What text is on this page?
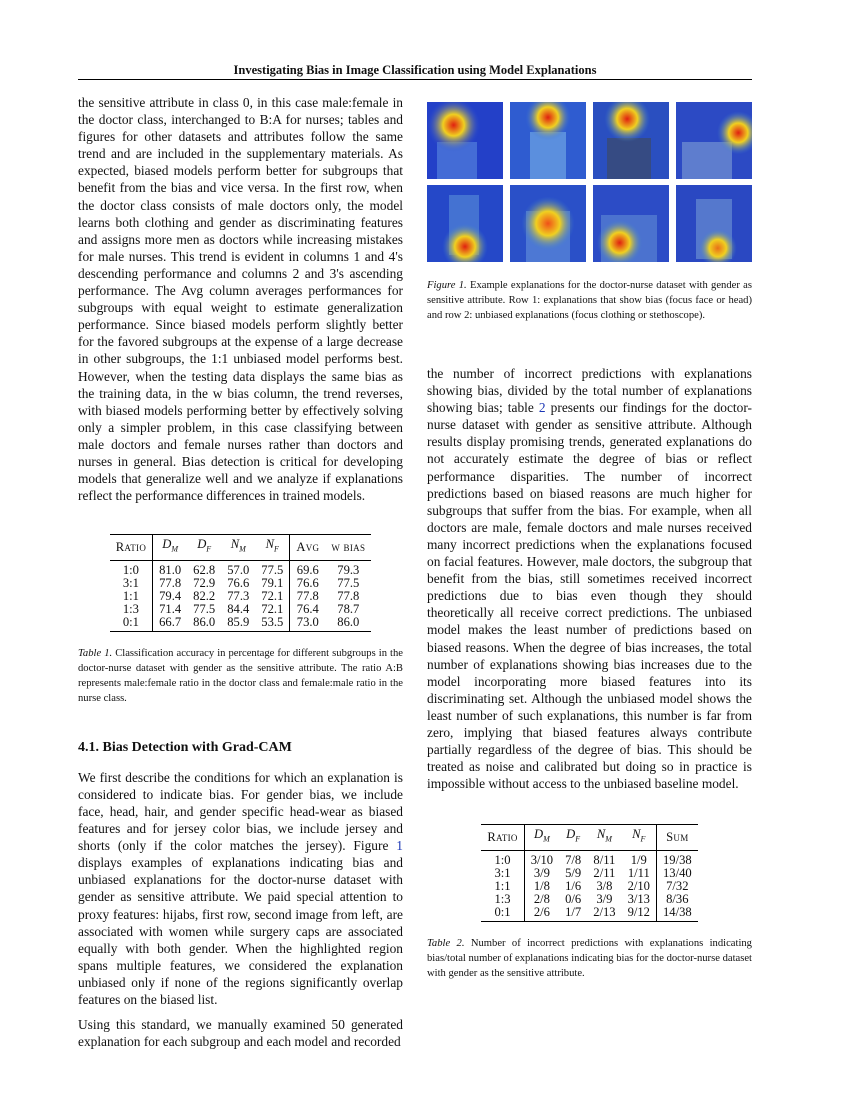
Investigating Bias in Image Classification using Model Explanations

the sensitive attribute in class 0, in this case male:female in the doctor class, interchanged to B:A for nurses; tables and figures for other datasets and attributes follow the same trend and are included in the supplementary materials. As expected, biased models perform better for subgroups that benefit from the bias and vice versa. In the first row, when the doctor class consists of male doctors only, the model learns both clothing and gender as discriminating features and assigns more men as doctors while increasing mistakes for male nurses. This trend is evident in columns 1 and 4's descending performance and columns 2 and 3's ascending performance. The Avg column averages performances for subgroups with equal weight to estimate generalization performance. Since biased models perform slightly better for the favored subgroups at the expense of a large decrease in other subgroups, the 1:1 unbiased model performs best. However, when the testing data displays the same bias as the training data, in the w bias column, the trend reverses, with biased models performing better by effectively solving only a simpler problem, in this case classifying between male doctors and female nurses rather than doctors and nurses in general. Bias detection is critical for developing models that generalize well and we analyze if explanations reflect the performance differences in trained models.

Ratio	$D_M$	$D_F$	$N_M$	$N_F$	Avg	w bias
1:0	81.0	62.8	57.0	77.5	69.6	79.3
3:1	77.8	72.9	76.6	79.1	76.6	77.5
1:1	79.4	82.2	77.3	72.1	77.8	77.8
1:3	71.4	77.5	84.4	72.1	76.4	78.7
0:1	66.7	86.0	85.9	53.5	73.0	86.0

Table 1. Classification accuracy in percentage for different subgroups in the doctor-nurse dataset with gender as the sensitive attribute. The ratio A:B represents male:female ratio in the doctor class and female:male ratio in the nurse class.

4.1. Bias Detection with Grad-CAM

We first describe the conditions for which an explanation is considered to indicate bias. For gender bias, we include face, head, hair, and gender specific head-wear as biased features and for jersey color bias, we include jersey and shorts (only if the color matches the jersey). Figure 1 displays examples of explanations indicating bias and unbiased explanations for the doctor-nurse dataset with gender as sensitive attribute. We paid special attention to proxy features: hijabs, first row, second image from left, are associated with women while surgery caps are associated equally with both gender. When the highlighted region spans multiple features, we considered the explanation unbiased only if none of the regions significantly overlap features on the biased list.

Using this standard, we manually examined 50 generated explanation for each subgroup and each model and recorded

Figure 1. Example explanations for the doctor-nurse dataset with gender as sensitive attribute. Row 1: explanations that show bias (focus face or head) and row 2: unbiased explanations (focus clothing or stethoscope).

the number of incorrect predictions with explanations showing bias, divided by the total number of explanations showing bias; table 2 presents our findings for the doctor-nurse dataset with gender as sensitive attribute. Although results display promising trends, generated explanations do not accurately estimate the degree of bias or reflect performance disparities. The number of incorrect predictions based on biased reasons are much higher for subgroups that suffer from the bias. For example, when all doctors are male, female doctors and male nurses received many incorrect predictions when the explanations focused on facial features. However, male doctors, the subgroup that benefit from the bias, still sometimes received incorrect predictions due to bias even though they should theoretically all receive correct predictions. The unbiased model makes the least number of predictions based on biased reasons. When the degree of bias increases, the total number of explanations showing bias increases due to the model incorporating more biased features into its discriminating set. Although the unbiased model shows the least number of such explanations, this number is far from zero, implying that biased features always contribute partially regardless of the degree of bias. This should be treated as noise and calibrated but doing so in practice is impossible without access to the unbiased baseline model.

Ratio	$D_M$	$D_F$	$N_M$	$N_F$	Sum
1:0	3/10	7/8	8/11	1/9	19/38
3:1	3/9	5/9	2/11	1/11	13/40
1:1	1/8	1/6	3/8	2/10	7/32
1:3	2/8	0/6	3/9	3/13	8/36
0:1	2/6	1/7	2/13	9/12	14/38

Table 2. Number of incorrect predictions with explanations indicating bias/total number of explanations indicating bias for the doctor-nurse dataset with gender as the sensitive attribute.
